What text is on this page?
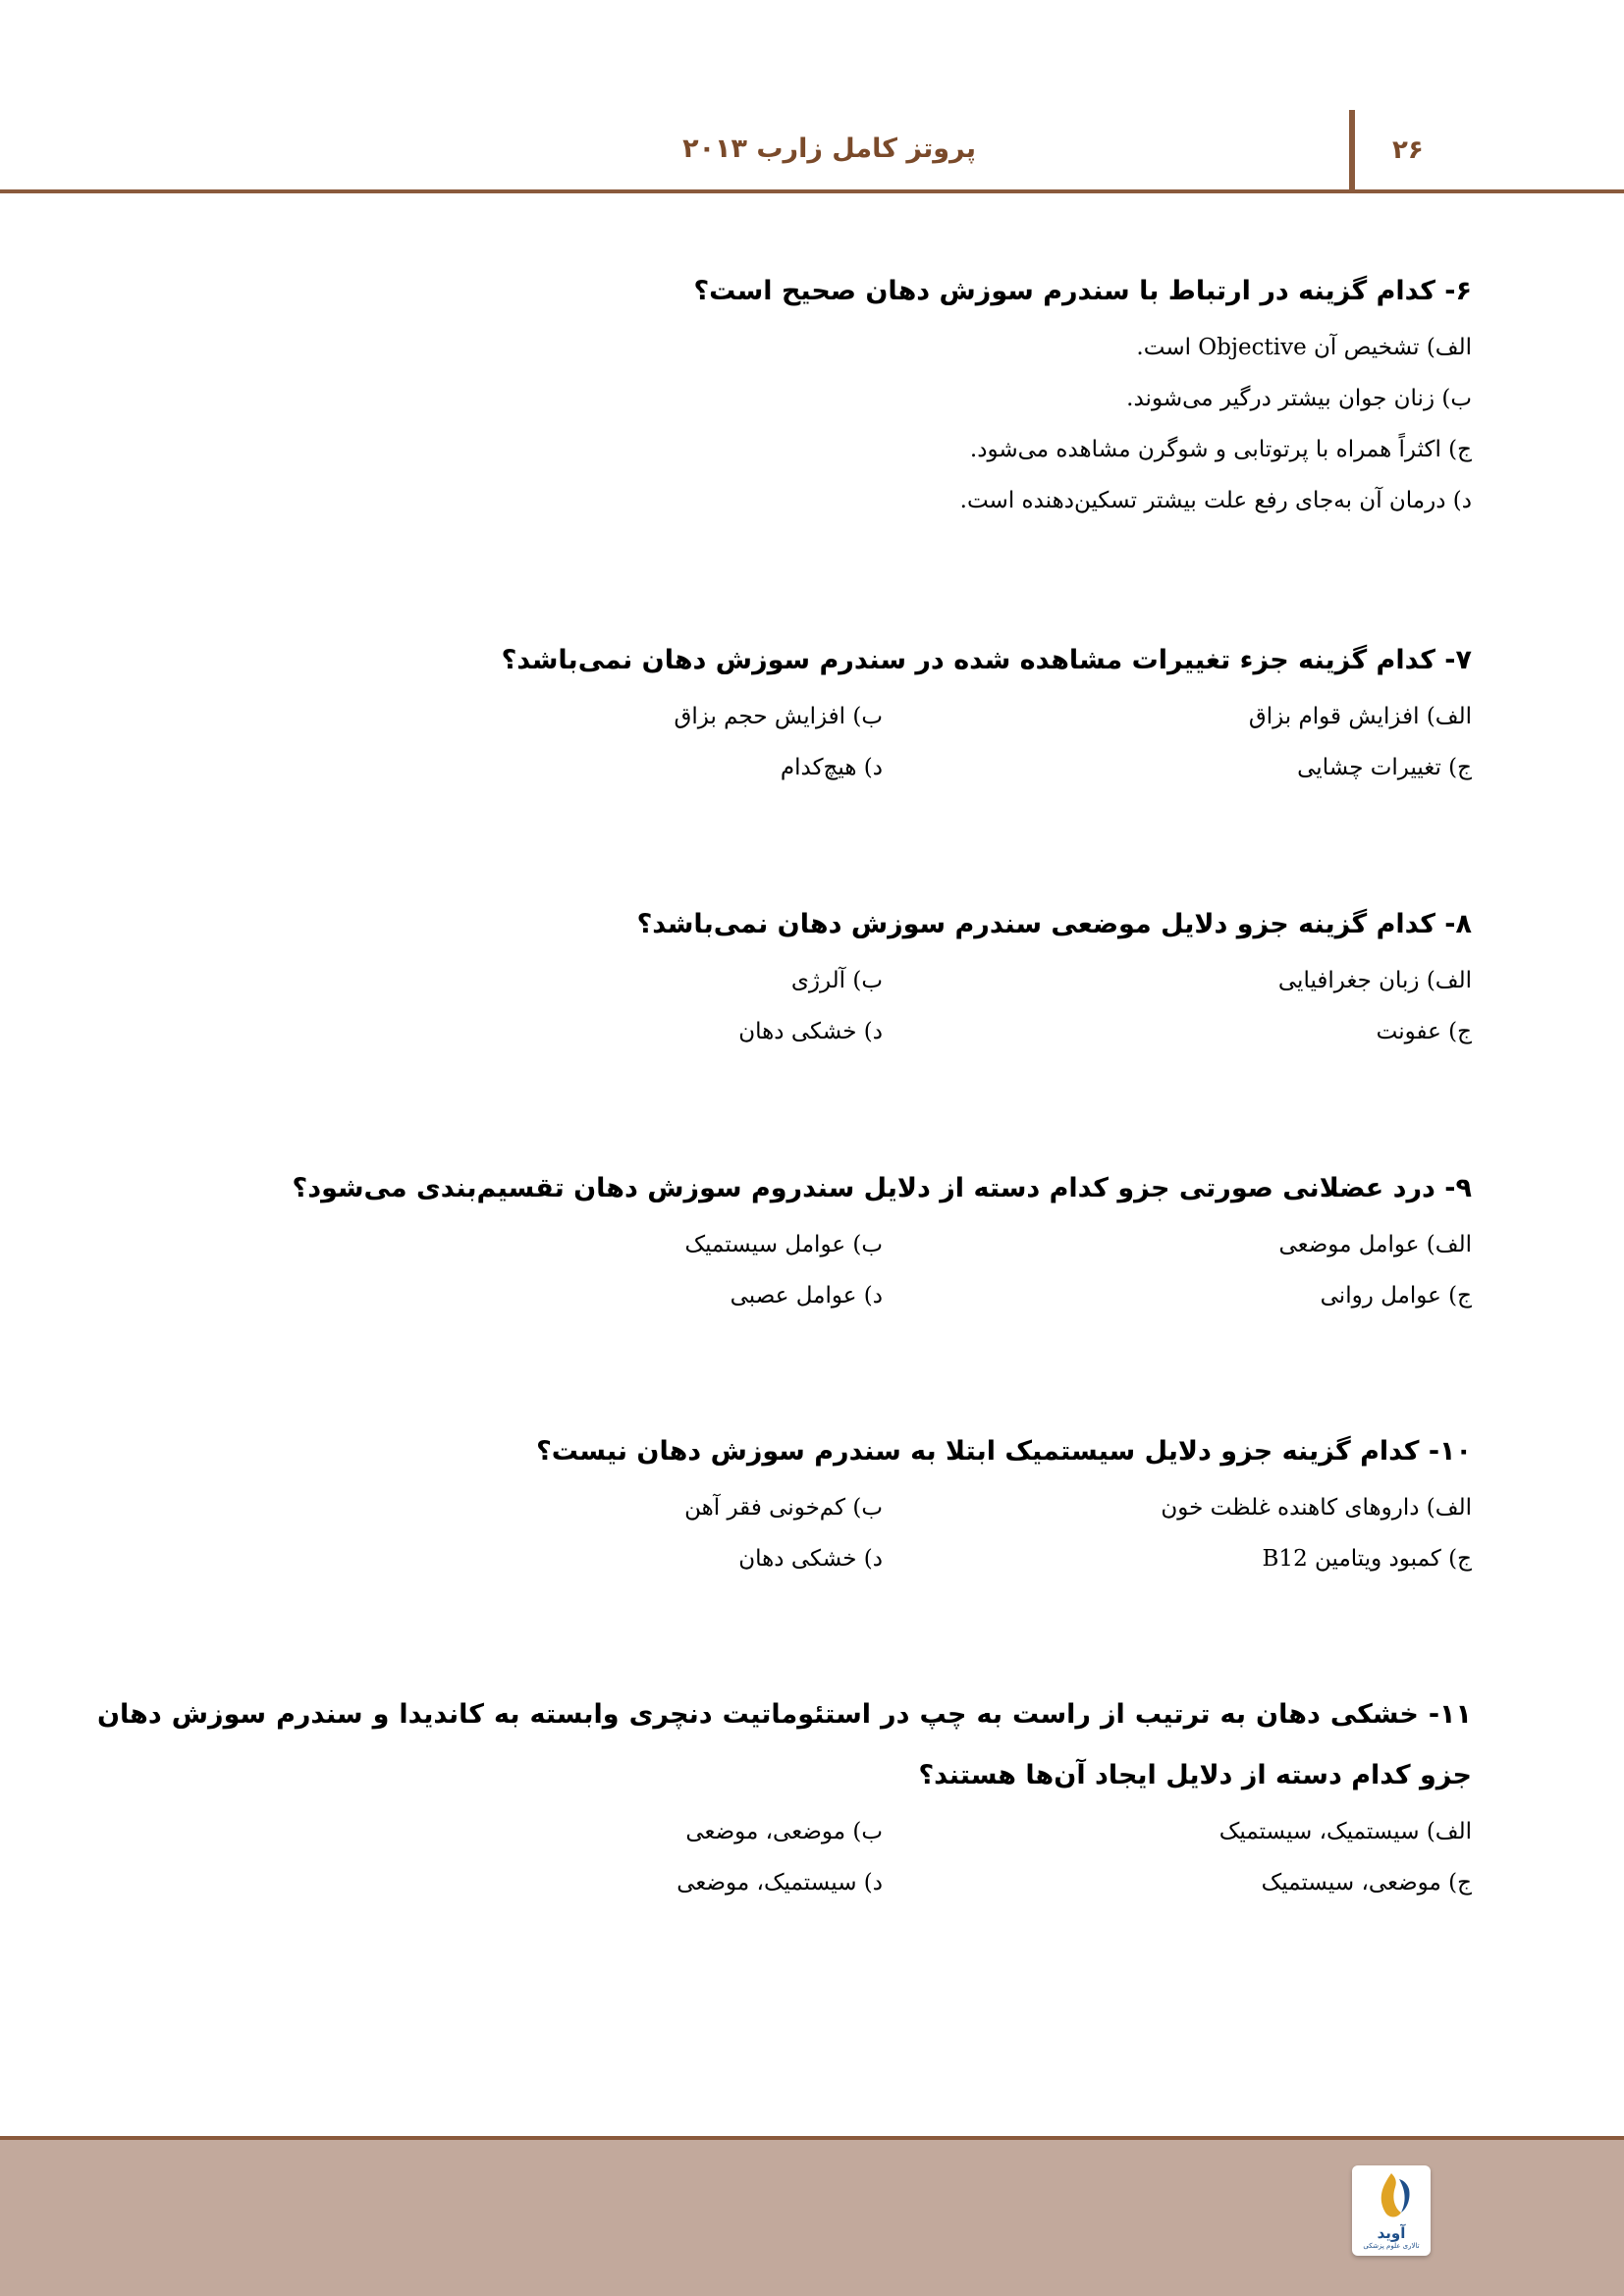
پروتز کامل زارب ۲۰۱۳	۲۶

۶- کدام گزینه در ارتباط با سندرم سوزش دهان صحیح است؟

الف) تشخیص آن Objective است.
ب) زنان جوان بیشتر درگیر می‌شوند.
ج) اکثراً همراه با پرتوتابی و شوگرن مشاهده می‌شود.
د) درمان آن به‌جای رفع علت بیشتر تسکین‌دهنده است.

۷- کدام گزینه جزء تغییرات مشاهده شده در سندرم سوزش دهان نمی‌باشد؟

الف) افزایش قوام بزاق
ب) افزایش حجم بزاق
ج) تغییرات چشایی
د) هیچ‌کدام

۸- کدام گزینه جزو دلایل موضعی سندرم سوزش دهان نمی‌باشد؟

الف) زبان جغرافیایی
ب) آلرژی
ج) عفونت
د) خشکی دهان

۹- درد عضلانی صورتی جزو کدام دسته از دلایل سندروم سوزش دهان تقسیم‌بندی می‌شود؟

الف) عوامل موضعی
ب) عوامل سیستمیک
ج) عوامل روانی
د) عوامل عصبی

۱۰- کدام گزینه جزو دلایل سیستمیک ابتلا به سندرم سوزش دهان نیست؟

الف) داروهای کاهنده غلظت خون
ب) کم‌خونی فقر آهن
ج) کمبود ویتامین B12
د) خشکی دهان

۱۱- خشکی دهان به ترتیب از راست به چپ در استئوماتیت دنچری وابسته به کاندیدا و سندرم سوزش دهان جزو کدام دسته از دلایل ایجاد آن‌ها هستند؟

الف) سیستمیک، سیستمیک
ب) موضعی، موضعی
ج) موضعی، سیستمیک
د) سیستمیک، موضعی
آوید
تالاری علوم پزشکی
